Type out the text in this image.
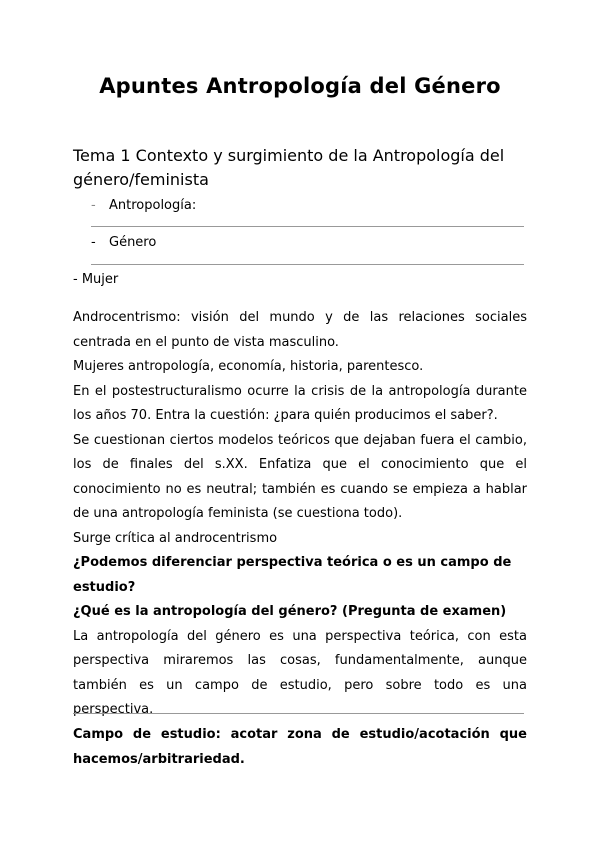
Apuntes Antropología del Género
Tema 1 Contexto y surgimiento de la Antropología del género/feminista
- Antropología:
- Género
- Mujer

Androcentrismo: visión del mundo y de las relaciones sociales centrada en el punto de vista masculino.

Mujeres antropología, economía, historia, parentesco.

En el postestructuralismo ocurre la crisis de la antropología durante los años 70. Entra la cuestión: ¿para quién producimos el saber?.

Se cuestionan ciertos modelos teóricos que dejaban fuera el cambio, los de finales del s.XX. Enfatiza que el conocimiento que el conocimiento no es neutral; también es cuando se empieza a hablar de una antropología feminista (se cuestiona todo).

Surge crítica al androcentrismo

¿Podemos diferenciar perspectiva teórica o es un campo de estudio?

¿Qué es la antropología del género? (Pregunta de examen)

La antropología del género es una perspectiva teórica, con esta perspectiva miraremos las cosas, fundamentalmente, aunque también es un campo de estudio, pero sobre todo es una perspectiva.

Campo de estudio: acotar zona de estudio/acotación que hacemos/arbitrariedad.
